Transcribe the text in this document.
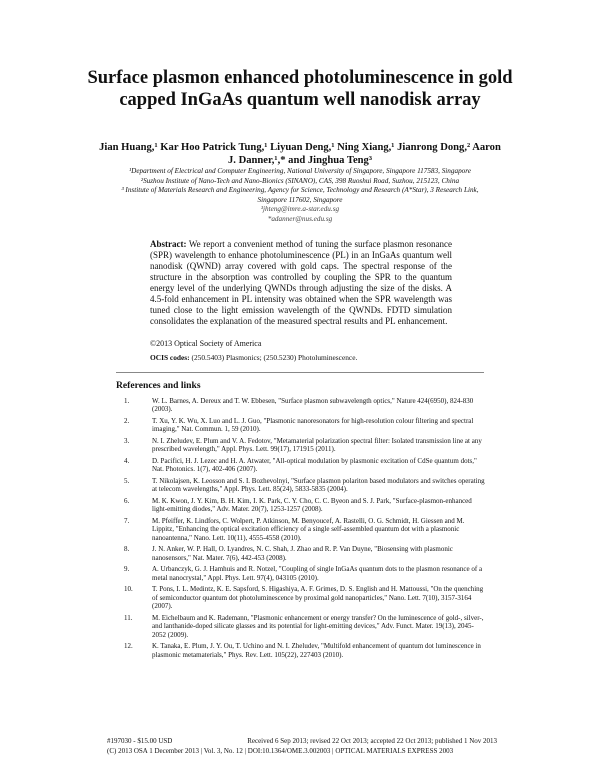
Surface plasmon enhanced photoluminescence in gold capped InGaAs quantum well nanodisk array
Jian Huang,¹ Kar Hoo Patrick Tung,¹ Liyuan Deng,¹ Ning Xiang,¹ Jianrong Dong,² Aaron J. Danner,¹,* and Jinghua Teng³
¹Department of Electrical and Computer Engineering, National University of Singapore, Singapore 117583, Singapore
²Suzhou Institute of Nano-Tech and Nano-Bionics (SINANO), CAS, 398 Ruoshui Road, Suzhou, 215123, China
³ Institute of Materials Research and Engineering, Agency for Science, Technology and Research (A*Star), 3 Research Link, Singapore 117602, Singapore
³jhteng@imre.a-star.edu.sg
*adanner@nus.edu.sg
Abstract: We report a convenient method of tuning the surface plasmon resonance (SPR) wavelength to enhance photoluminescence (PL) in an InGaAs quantum well nanodisk (QWND) array covered with gold caps. The spectral response of the structure in the absorption was controlled by coupling the SPR to the quantum energy level of the underlying QWNDs through adjusting the size of the disks. A 4.5-fold enhancement in PL intensity was obtained when the SPR wavelength was tuned close to the light emission wavelength of the QWNDs. FDTD simulation consolidates the explanation of the measured spectral results and PL enhancement.
©2013 Optical Society of America
OCIS codes: (250.5403) Plasmonics; (250.5230) Photoluminescence.
References and links
1.	W. L. Barnes, A. Dereux and T. W. Ebbesen, "Surface plasmon subwavelength optics," Nature 424(6950), 824-830 (2003).
2.	T. Xu, Y. K. Wu, X. Luo and L. J. Guo, "Plasmonic nanoresonators for high-resolution colour filtering and spectral imaging," Nat. Commun. 1, 59 (2010).
3.	N. I. Zheludev, E. Plum and V. A. Fedotov, "Metamaterial polarization spectral filter: Isolated transmission line at any prescribed wavelength," Appl. Phys. Lett. 99(17), 171915 (2011).
4.	D. Pacifici, H. J. Lezec and H. A. Atwater, "All-optical modulation by plasmonic excitation of CdSe quantum dots," Nat. Photonics. 1(7), 402-406 (2007).
5.	T. Nikolajsen, K. Leosson and S. I. Bozhevolnyi, "Surface plasmon polariton based modulators and switches operating at telecom wavelengths," Appl. Phys. Lett. 85(24), 5833-5835 (2004).
6.	M. K. Kwon, J. Y. Kim, B. H. Kim, I. K. Park, C. Y. Cho, C. C. Byeon and S. J. Park, "Surface-plasmon-enhanced light-emitting diodes," Adv. Mater. 20(7), 1253-1257 (2008).
7.	M. Pfeiffer, K. Lindfors, C. Wolpert, P. Atkinson, M. Benyoucef, A. Rastelli, O. G. Schmidt, H. Giessen and M. Lippitz, "Enhancing the optical excitation efficiency of a single self-assembled quantum dot with a plasmonic nanoantenna," Nano. Lett. 10(11), 4555-4558 (2010).
8.	J. N. Anker, W. P. Hall, O. Lyandres, N. C. Shah, J. Zhao and R. P. Van Duyne, "Biosensing with plasmonic nanosensors," Nat. Mater. 7(6), 442-453 (2008).
9.	A. Urbanczyk, G. J. Hamhuis and R. Notzel, "Coupling of single InGaAs quantum dots to the plasmon resonance of a metal nanocrystal," Appl. Phys. Lett. 97(4), 043105 (2010).
10.	T. Pons, I. L. Medintz, K. E. Sapsford, S. Higashiya, A. F. Grimes, D. S. English and H. Mattoussi, "On the quenching of semiconductor quantum dot photoluminescence by proximal gold nanoparticles," Nano. Lett. 7(10), 3157-3164 (2007).
11.	M. Eichelbaum and K. Rademann, "Plasmonic enhancement or energy transfer? On the luminescence of gold-, silver-, and lanthanide-doped silicate glasses and its potential for light-emitting devices," Adv. Funct. Mater. 19(13), 2045-2052 (2009).
12.	K. Tanaka, E. Plum, J. Y. Ou, T. Uchino and N. I. Zheludev, "Multifold enhancement of quantum dot luminescence in plasmonic metamaterials," Phys. Rev. Lett. 105(22), 227403 (2010).
#197030 - $15.00 USD	Received 6 Sep 2013; revised 22 Oct 2013; accepted 22 Oct 2013; published 1 Nov 2013
(C) 2013 OSA 1 December 2013 | Vol. 3, No. 12 | DOI:10.1364/OME.3.002003 | OPTICAL MATERIALS EXPRESS 2003
